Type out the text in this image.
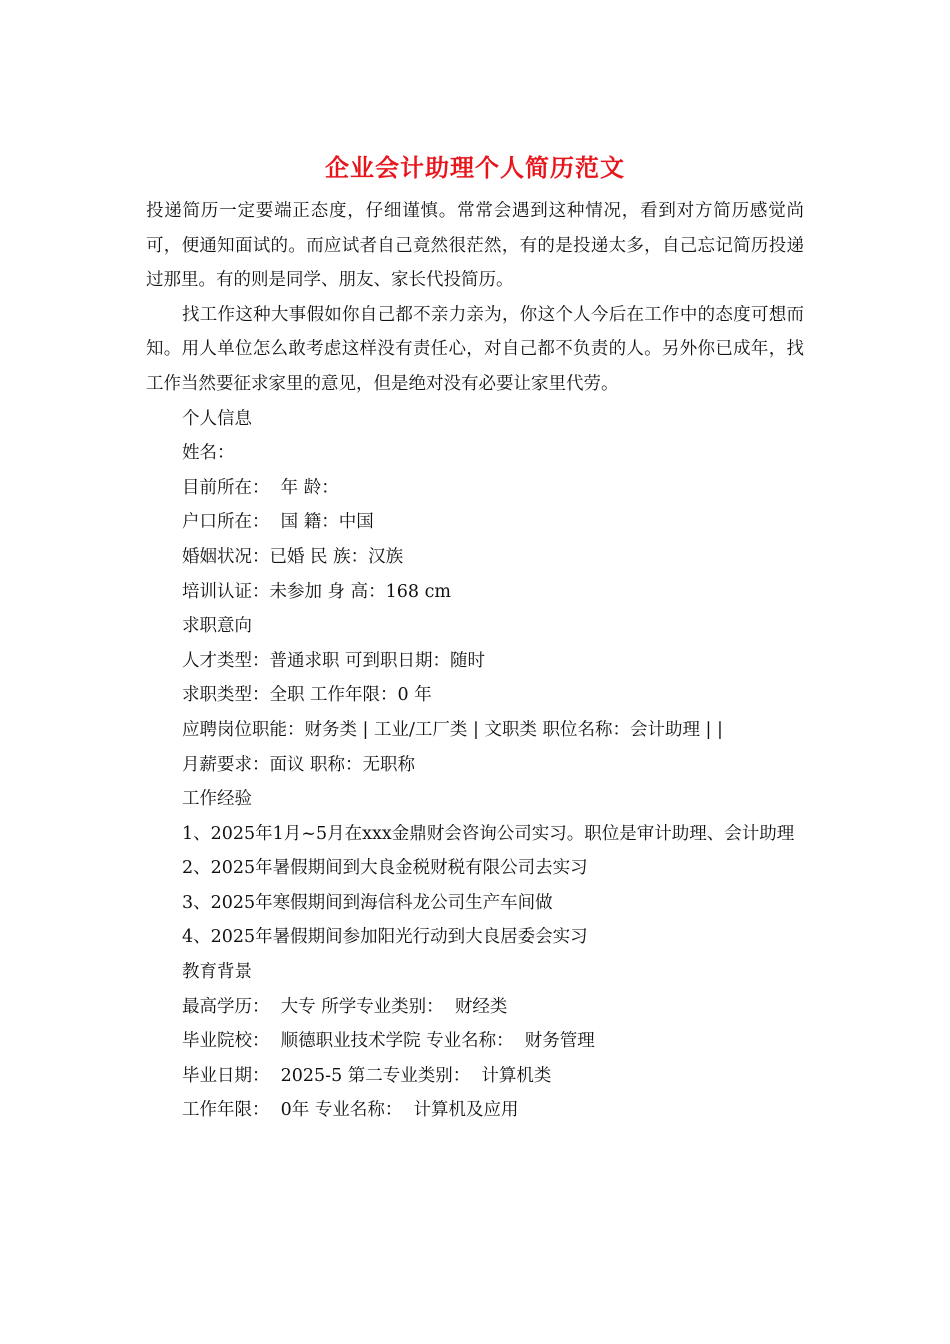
企业会计助理个人简历范文

投递简历一定要端正态度，仔细谨慎。常常会遇到这种情况，看到对方简历感觉尚可，便通知面试的。而应试者自己竟然很茫然，有的是投递太多，自己忘记简历投递过那里。有的则是同学、朋友、家长代投简历。

找工作这种大事假如你自己都不亲力亲为，你这个人今后在工作中的态度可想而知。用人单位怎么敢考虑这样没有责任心，对自己都不负责的人。另外你已成年，找工作当然要征求家里的意见，但是绝对没有必要让家里代劳。

个人信息

姓名：

目前所在：  年 龄：

户口所在：  国 籍：中国

婚姻状况：已婚 民 族：汉族

培训认证：未参加 身 高：168 cm

求职意向

人才类型：普通求职 可到职日期：随时

求职类型：全职 工作年限：0 年

应聘岗位职能：财务类 | 工业/工厂类 | 文职类 职位名称：会计助理 | |

月薪要求：面议 职称：无职称

工作经验

1、2025年1月~5月在xxx金鼎财会咨询公司实习。职位是审计助理、会计助理

2、2025年暑假期间到大良金税财税有限公司去实习

3、2025年寒假期间到海信科龙公司生产车间做

4、2025年暑假期间参加阳光行动到大良居委会实习

教育背景

最高学历：  大专 所学专业类别：  财经类

毕业院校：  顺德职业技术学院 专业名称：  财务管理

毕业日期：  2025-5 第二专业类别：  计算机类

工作年限：  0年 专业名称：  计算机及应用
